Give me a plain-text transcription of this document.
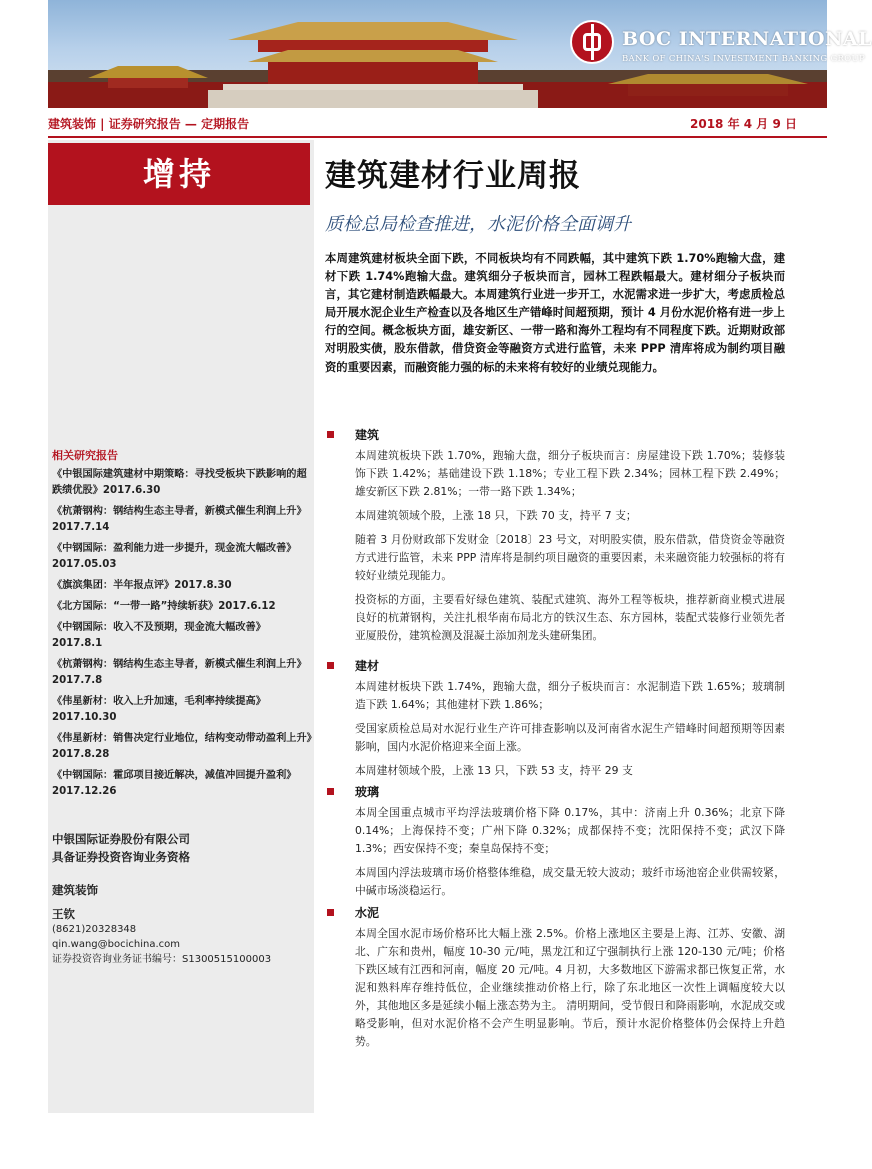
BOC INTERNATIONAL
BANK OF CHINA'S INVESTMENT BANKING GROUP
建筑装饰 | 证券研究报告 — 定期报告	2018 年 4 月 9 日
增持
相关研究报告
《中银国际建筑建材中期策略：寻找受板块下跌影响的超跌绩优股》2017.6.30
《杭萧钢构：钢结构生态主导者，新模式催生利润上升》2017.7.14
《中钢国际：盈利能力进一步提升，现金流大幅改善》2017.05.03
《旗滨集团：半年报点评》2017.8.30
《北方国际：“一带一路”持续斩获》2017.6.12
《中钢国际：收入不及预期，现金流大幅改善》2017.8.1
《杭萧钢构：钢结构生态主导者，新模式催生利润上升》2017.7.8
《伟星新材：收入上升加速，毛利率持续提高》2017.10.30
《伟星新材：销售决定行业地位，结构变动带动盈利上升》2017.8.28
《中钢国际：霍邱项目接近解决，减值冲回提升盈利》2017.12.26
中银国际证券股份有限公司
具备证券投资咨询业务资格
建筑装饰
王钦
(8621)20328348
qin.wang@bocichina.com
证券投资咨询业务证书编号：S1300515100003
建筑建材行业周报
质检总局检查推进，水泥价格全面调升
本周建筑建材板块全面下跌，不同板块均有不同跌幅，其中建筑下跌 1.70%跑输大盘，建材下跌 1.74%跑输大盘。建筑细分子板块而言，园林工程跌幅最大。建材细分子板块而言，其它建材制造跌幅最大。本周建筑行业进一步开工，水泥需求进一步扩大，考虑质检总局开展水泥企业生产检查以及各地区生产错峰时间超预期，预计 4 月份水泥价格有进一步上行的空间。概念板块方面，雄安新区、一带一路和海外工程均有不同程度下跌。近期财政部对明股实债，股东借款，借贷资金等融资方式进行监管，未来 PPP 清库将成为制约项目融资的重要因素，而融资能力强的标的未来将有较好的业绩兑现能力。
建筑
本周建筑板块下跌 1.70%，跑输大盘，细分子板块而言：房屋建设下跌 1.70%；装修装饰下跌 1.42%；基础建设下跌 1.18%；专业工程下跌 2.34%；园林工程下跌 2.49%；雄安新区下跌 2.81%；一带一路下跌 1.34%；
本周建筑领域个股，上涨 18 只，下跌 70 支，持平 7 支；
随着 3 月份财政部下发财金〔2018〕23 号文，对明股实债，股东借款，借贷资金等融资方式进行监管，未来 PPP 清库将是制约项目融资的重要因素，未来融资能力较强标的将有较好业绩兑现能力。
投资标的方面，主要看好绿色建筑、装配式建筑、海外工程等板块，推荐新商业模式进展良好的杭萧钢构，关注扎根华南布局北方的铁汉生态、东方园林，装配式装修行业领先者亚厦股份，建筑检测及混凝土添加剂龙头建研集团。
建材
本周建材板块下跌 1.74%，跑输大盘，细分子板块而言：水泥制造下跌 1.65%；玻璃制造下跌 1.64%；其他建材下跌 1.86%；
受国家质检总局对水泥行业生产许可排查影响以及河南省水泥生产错峰时间超预期等因素影响，国内水泥价格迎来全面上涨。
本周建材领域个股，上涨 13 只，下跌 53 支，持平 29 支
玻璃
本周全国重点城市平均浮法玻璃价格下降 0.17%，其中：济南上升 0.36%；北京下降 0.14%；上海保持不变；广州下降 0.32%；成都保持不变；沈阳保持不变；武汉下降 1.3%；西安保持不变；秦皇岛保持不变；
本周国内浮法玻璃市场价格整体维稳，成交量无较大波动；玻纤市场池窑企业供需较紧，中碱市场淡稳运行。
水泥
本周全国水泥市场价格环比大幅上涨 2.5%。价格上涨地区主要是上海、江苏、安徽、湖北、广东和贵州，幅度 10-30 元/吨，黑龙江和辽宁强制执行上涨 120-130 元/吨；价格下跌区域有江西和河南，幅度 20 元/吨。4 月初，大多数地区下游需求都已恢复正常，水泥和熟料库存维持低位，企业继续推动价格上行，除了东北地区一次性上调幅度较大以外，其他地区多是延续小幅上涨态势为主。 清明期间，受节假日和降雨影响，水泥成交或略受影响，但对水泥价格不会产生明显影响。节后，预计水泥价格整体仍会保持上升趋势。
